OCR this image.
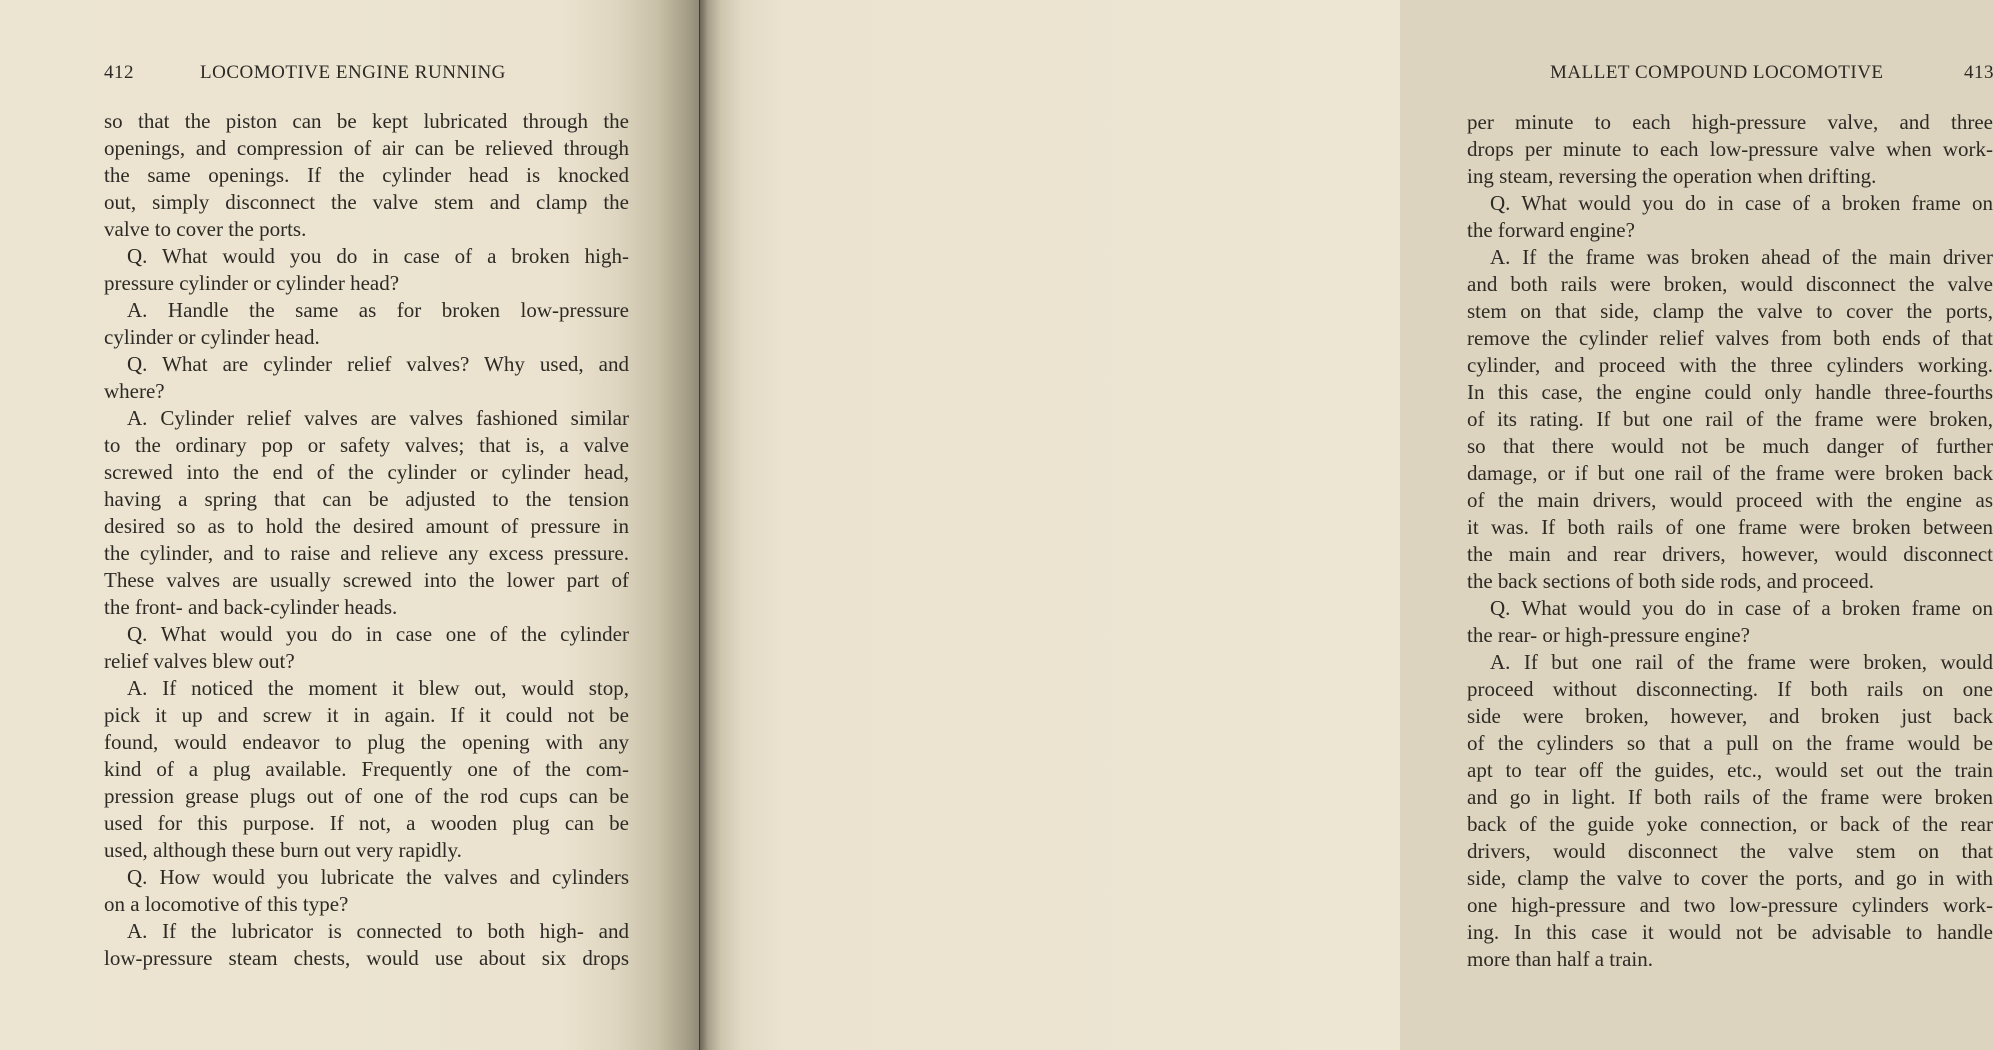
412	LOCOMOTIVE ENGINE RUNNING
so that the piston can be kept lubricated through the
openings, and compression of air can be relieved through
the same openings. If the cylinder head is knocked
out, simply disconnect the valve stem and clamp the
valve to cover the ports.
Q. What would you do in case of a broken high-
pressure cylinder or cylinder head?
A. Handle the same as for broken low-pressure
cylinder or cylinder head.
Q. What are cylinder relief valves? Why used, and
where?
A. Cylinder relief valves are valves fashioned similar
to the ordinary pop or safety valves; that is, a valve
screwed into the end of the cylinder or cylinder head,
having a spring that can be adjusted to the tension
desired so as to hold the desired amount of pressure in
the cylinder, and to raise and relieve any excess pressure.
These valves are usually screwed into the lower part of
the front- and back-cylinder heads.
Q. What would you do in case one of the cylinder
relief valves blew out?
A. If noticed the moment it blew out, would stop,
pick it up and screw it in again. If it could not be
found, would endeavor to plug the opening with any
kind of a plug available. Frequently one of the com-
pression grease plugs out of one of the rod cups can be
used for this purpose. If not, a wooden plug can be
used, although these burn out very rapidly.
Q. How would you lubricate the valves and cylinders
on a locomotive of this type?
A. If the lubricator is connected to both high- and
low-pressure steam chests, would use about six drops
MALLET COMPOUND LOCOMOTIVE	413
per minute to each high-pressure valve, and three
drops per minute to each low-pressure valve when work-
ing steam, reversing the operation when drifting.
Q. What would you do in case of a broken frame on
the forward engine?
A. If the frame was broken ahead of the main driver
and both rails were broken, would disconnect the valve
stem on that side, clamp the valve to cover the ports,
remove the cylinder relief valves from both ends of that
cylinder, and proceed with the three cylinders working.
In this case, the engine could only handle three-fourths
of its rating. If but one rail of the frame were broken,
so that there would not be much danger of further
damage, or if but one rail of the frame were broken back
of the main drivers, would proceed with the engine as
it was. If both rails of one frame were broken between
the main and rear drivers, however, would disconnect
the back sections of both side rods, and proceed.
Q. What would you do in case of a broken frame on
the rear- or high-pressure engine?
A. If but one rail of the frame were broken, would
proceed without disconnecting. If both rails on one
side were broken, however, and broken just back
of the cylinders so that a pull on the frame would be
apt to tear off the guides, etc., would set out the train
and go in light. If both rails of the frame were broken
back of the guide yoke connection, or back of the rear
drivers, would disconnect the valve stem on that
side, clamp the valve to cover the ports, and go in with
one high-pressure and two low-pressure cylinders work-
ing. In this case it would not be advisable to handle
more than half a train.
